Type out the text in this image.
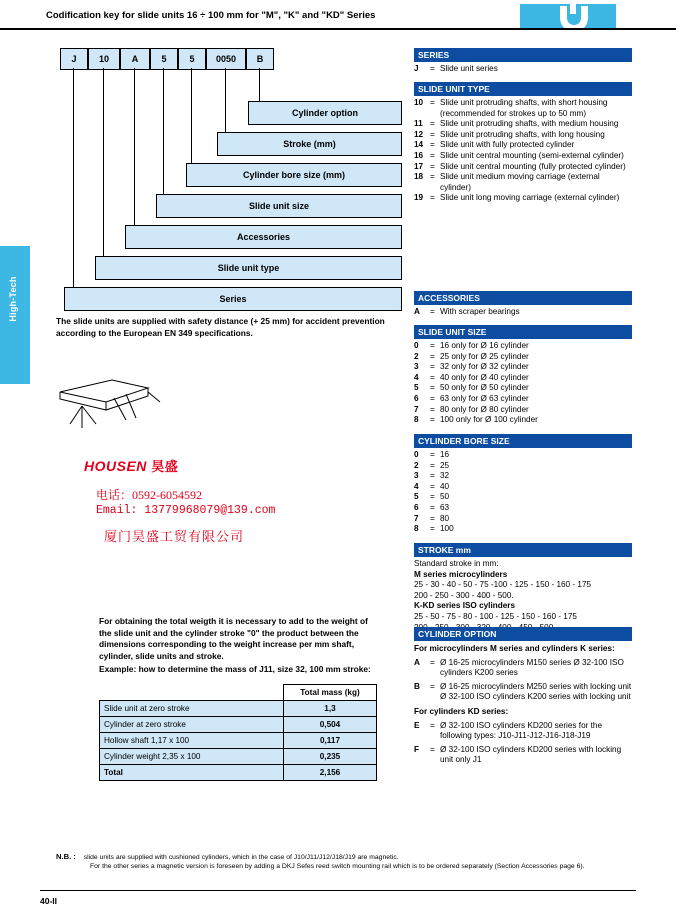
Codification key for slide units 16 ÷ 100 mm for "M", "K" and "KD" Series
High-Tech
J	10	A	5	5	0050	B
Cylinder option
Stroke (mm)
Cylinder bore size (mm)
Slide unit size
Accessories
Slide unit type
Series
The slide units are supplied with safety distance (+ 25 mm) for accident prevention according to the European EN 349 specifications.
HOUSEN 昊盛
电话：0592-6054592
Email: 13779968079@139.com
厦门昊盛工贸有限公司
For obtaining the total weigth it is necessary to add to the weight of the slide unit and the cylinder stroke "0" the product between the dimensions corresponding to the weight increase per mm shaft, cylinder, slide units and stroke.
Example: how to determine the mass of J11, size 32, 100 mm stroke:
	Total mass (kg)
Slide unit at zero stroke	1,3
Cylinder at zero stroke	0,504
Hollow shaft 1,17 x 100	0,117
Cylinder weight 2,35 x 100	0,235
Total	2,156
SERIES
J	= Slide unit series
SLIDE UNIT TYPE
10 = Slide unit protruding shafts, with short housing (recommended for strokes up to 50 mm)
11 = Slide unit protruding shafts, with medium housing
12 = Slide unit protruding shafts, with long housing
14 = Slide unit with fully protected cylinder
16 = Slide unit central mounting (semi-external cylinder)
17 = Slide unit central mounting (fully protected cylinder)
18 = Slide unit medium moving carriage (external cylinder)
19 = Slide unit long moving carriage (external cylinder)
ACCESSORIES
A	= With scraper bearings
SLIDE UNIT SIZE
0	= 16 only for Ø 16 cylinder
2	= 25 only for Ø 25 cylinder
3	= 32 only for Ø 32 cylinder
4	= 40 only for Ø 40 cylinder
5	= 50 only for Ø 50 cylinder
6	= 63 only for Ø 63 cylinder
7	= 80 only for Ø 80 cylinder
8	= 100 only for Ø 100 cylinder
CYLINDER BORE SIZE
0	= 16
2	= 25
3	= 32
4	= 40
5	= 50
6	= 63
7	= 80
8	= 100
STROKE mm
Standard stroke in mm:
M series microcylinders
25 - 30 - 40 - 50 - 75 -100 - 125 - 150 - 160 - 175
200 - 250 - 300 - 400 - 500.
K-KD series ISO cylinders
25 - 50 - 75 - 80 - 100 - 125 - 150 - 160 - 175
CYLINDER OPTION
For microcylinders M series and cylinders K series:
A	= Ø 16-25 microcylinders M150 series Ø 32-100 ISO cylinders K200 series
B	= Ø 16-25 microcylinders M250 series with locking unit Ø 32-100 ISO cylinders K200 series with locking unit
For cylinders KD series:
E	= Ø 32-100 ISO cylinders KD200 series for the following types: J10-J11-J12-J16-J18-J19
F	= Ø 32-100 ISO cylinders KD200 series with locking unit only J1
N.B. : slide units are supplied with cushioned cylinders, which in the case of J10/J11/J12/J18/J19 are magnetic.
For the other series a magnetic version is foreseen by adding a DKJ Sefes reed switch mounting rail which is to be ordered separately (Section Accessories page 6).
40-II
